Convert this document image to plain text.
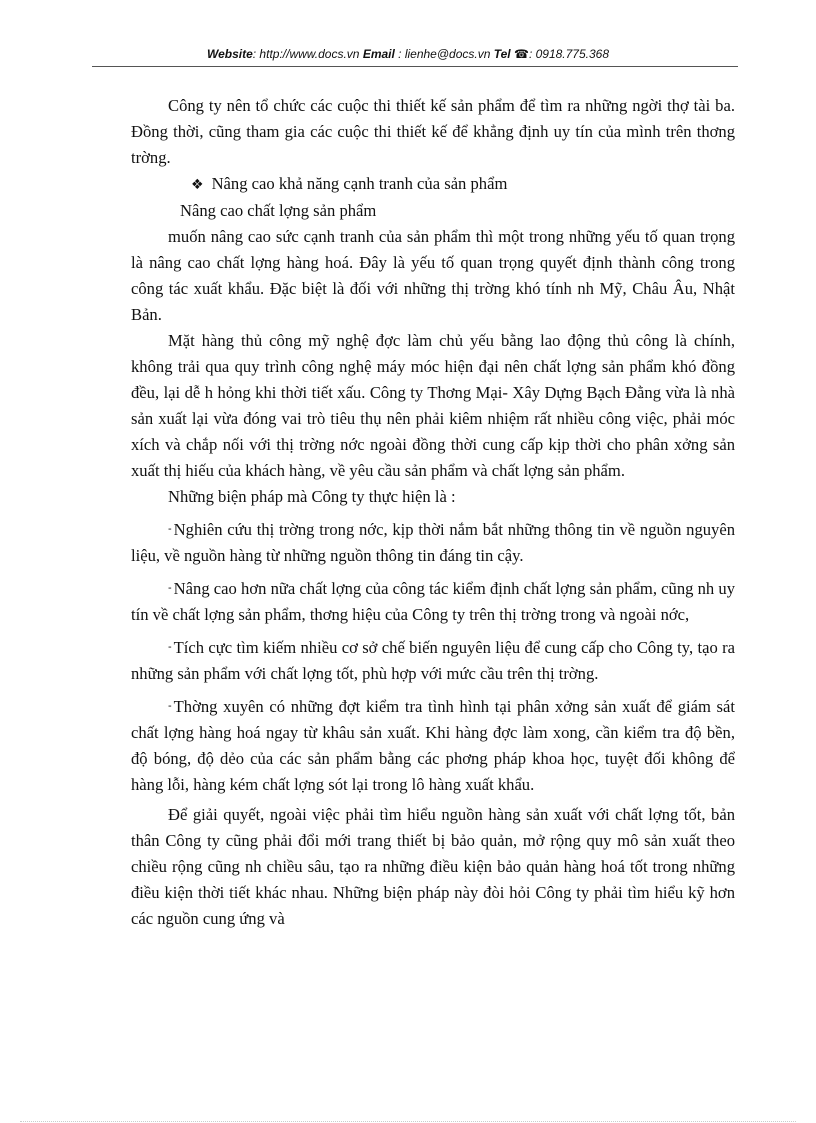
Website: http://www.docs.vn Email : lienhe@docs.vn Tel ☎: 0918.775.368

Công ty nên tổ chức các cuộc thi thiết kế sản phẩm để tìm ra những ngời thợ tài ba. Đồng thời, cũng tham gia các cuộc thi thiết kế để khẳng định uy tín của mình trên thơng trờng.

❖ Nâng cao khả năng cạnh tranh của sản phẩm

Nâng cao chất lợng sản phẩm

muốn nâng cao sức cạnh tranh của sản phẩm thì một trong những yếu tố quan trọng là nâng cao chất lợng hàng hoá. Đây là yếu tố quan trọng quyết định thành công trong công tác xuất khẩu. Đặc biệt là đối với những thị trờng khó tính nh Mỹ, Châu Âu, Nhật Bản.

Mặt hàng thủ công mỹ nghệ đợc làm chủ yếu bằng lao động thủ công là chính, không trải qua quy trình công nghệ máy móc hiện đại nên chất lợng sản phẩm khó đồng đều, lại dễ h hỏng khi thời tiết xấu. Công ty Thơng Mại- Xây Dựng Bạch Đằng vừa là nhà sản xuất lại vừa đóng vai trò tiêu thụ nên phải kiêm nhiệm rất nhiều công việc, phải móc xích và chắp nối với thị trờng nớc ngoài đồng thời cung cấp kịp thời cho phân xởng sản xuất thị hiếu của khách hàng, về yêu cầu sản phẩm và chất lợng sản phẩm.

Những biện pháp mà Công ty thực hiện là :

- Nghiên cứu thị trờng trong nớc, kịp thời nắm bắt những thông tin về nguồn nguyên liệu, về nguồn hàng từ những nguồn thông tin đáng tin cậy.

- Nâng cao hơn nữa chất lợng của công tác kiểm định chất lợng sản phẩm, cũng nh uy tín về chất lợng sản phẩm, thơng hiệu của Công ty trên thị trờng trong và ngoài nớc,

- Tích cực tìm kiếm nhiều cơ sở chế biến nguyên liệu để cung cấp cho Công ty, tạo ra những sản phẩm với chất lợng tốt, phù hợp với mức cầu trên thị trờng.

- Thờng xuyên có những đợt kiểm tra tình hình tại phân xởng sản xuất để giám sát chất lợng hàng hoá ngay từ khâu sản xuất. Khi hàng đợc làm xong, cần kiểm tra độ bền, độ bóng, độ dẻo của các sản phẩm bằng các phơng pháp khoa học, tuyệt đối không để hàng lỗi, hàng kém chất lợng sót lại trong lô hàng xuất khẩu.

Để giải quyết, ngoài việc phải tìm hiểu nguồn hàng sản xuất với chất lợng tốt, bản thân Công ty cũng phải đổi mới trang thiết bị bảo quản, mở rộng quy mô sản xuất theo chiều rộng cũng nh chiều sâu, tạo ra những điều kiện bảo quản hàng hoá tốt trong những điều kiện thời tiết khác nhau. Những biện pháp này đòi hỏi Công ty phải tìm hiểu kỹ hơn các nguồn cung ứng và
